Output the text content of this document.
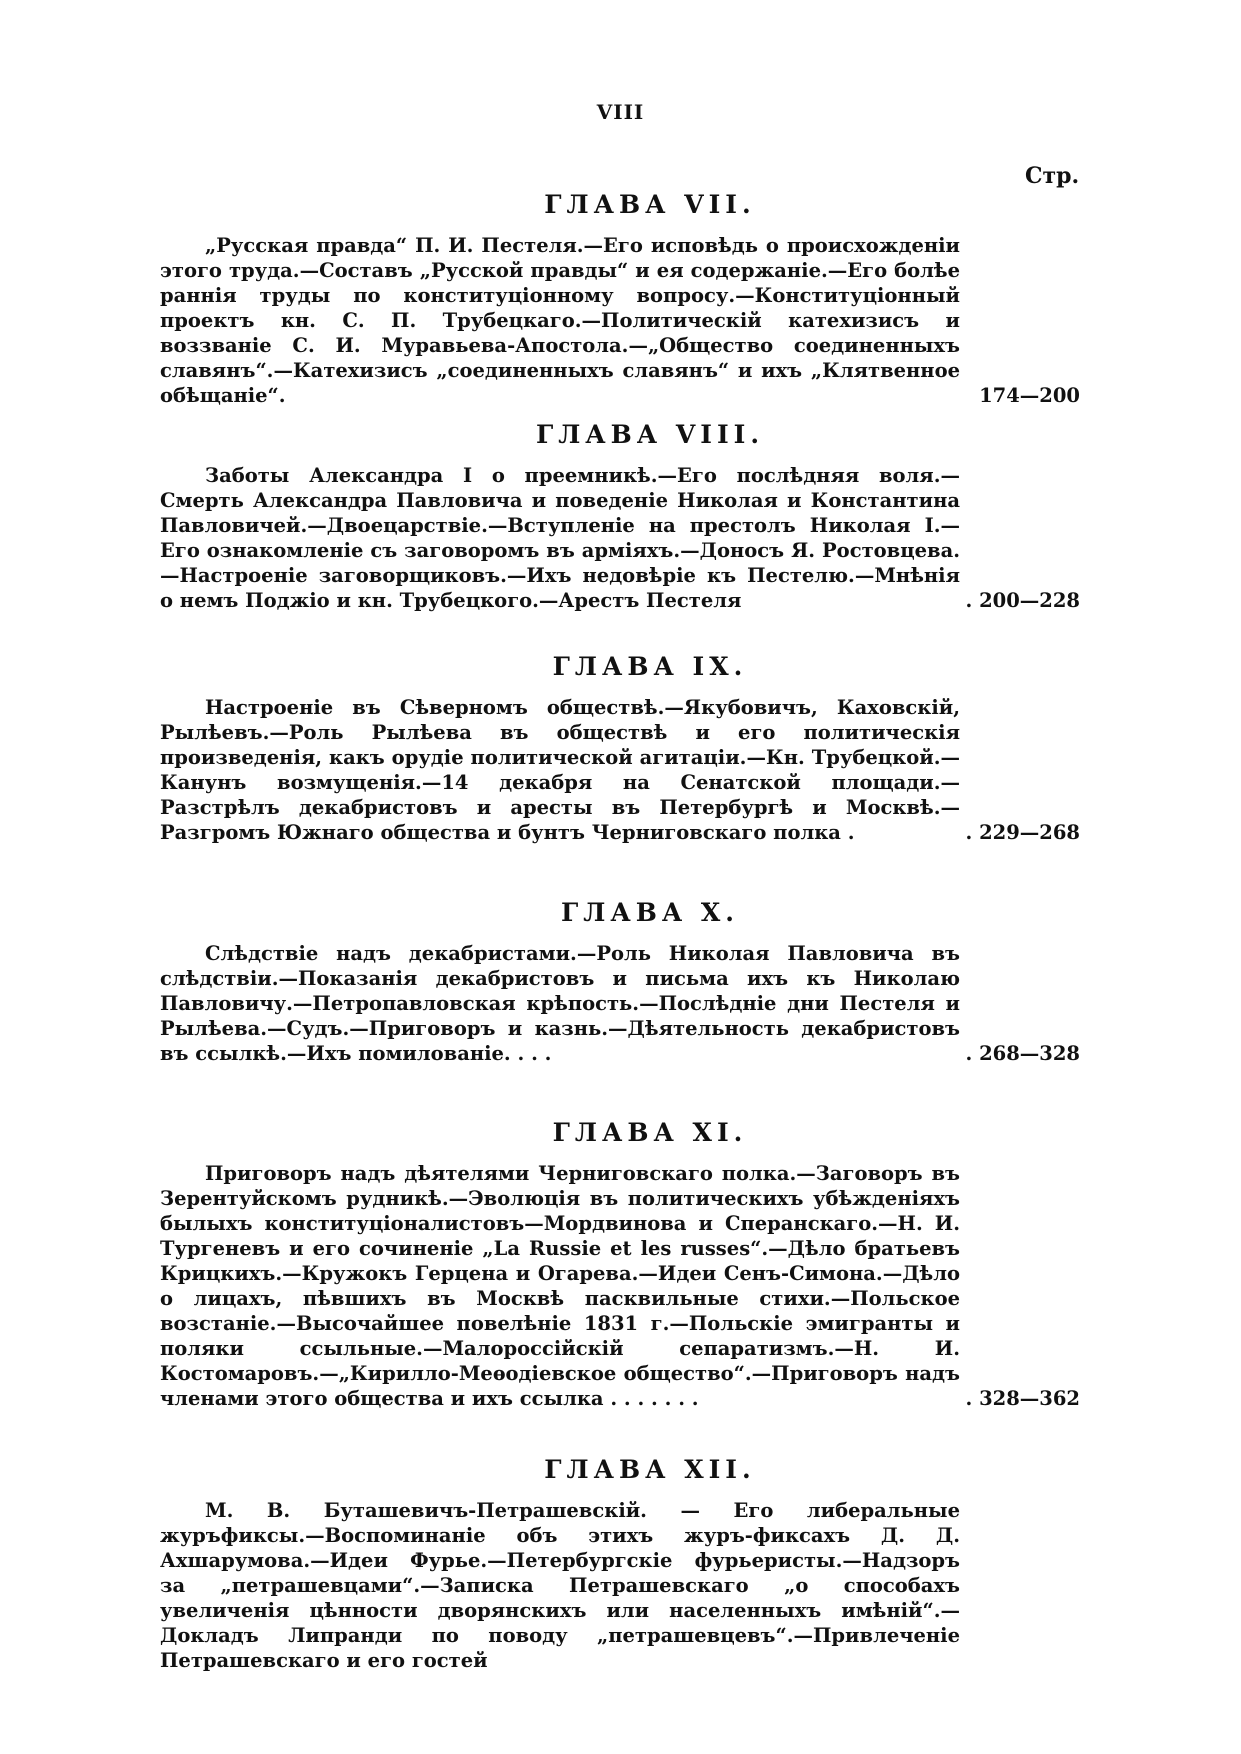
VIII
Стр.
ГЛАВА VII.
„Русская правда“ П. И. Пестеля.—Его исповѣдь о происхожденіи этого труда.—Составъ „Русской правды“ и ея содержаніе.—Его болѣе раннія труды по конституціонному вопросу.—Конституціонный проектъ кн. С. П. Трубецкаго.—Политическій катехизисъ и воззваніе С. И. Муравьева-Апостола.—„Общество соединенныхъ славянъ“.—Катехизисъ „соединенныхъ славянъ“ и ихъ „Клятвенное обѣщаніе“.	174—200
ГЛАВА VIII.
Заботы Александра I о преемникѣ.—Его послѣдняя воля.—Смерть Александра Павловича и поведеніе Николая и Константина Павловичей.—Двоецарствіе.—Вступленіе на престолъ Николая I.—Его ознакомленіе съ заговоромъ въ арміяхъ.—Доносъ Я. Ростовцева.—Настроеніе заговорщиковъ.—Ихъ недовѣріе къ Пестелю.—Мнѣнія о немъ Поджіо и кн. Трубецкого.—Арестъ Пестеля	. 200—228
ГЛАВА IX.
Настроеніе въ Сѣверномъ обществѣ.—Якубовичъ, Каховскій, Рылѣевъ.—Роль Рылѣева въ обществѣ и его политическія произведенія, какъ орудіе политической агитаціи.—Кн. Трубецкой.— Канунъ возмущенія.—14 декабря на Сенатской площади.—Разстрѣлъ декабристовъ и аресты въ Петербургѣ и Москвѣ.—Разгромъ Южнаго общества и бунтъ Черниговскаго полка .	. 229—268
ГЛАВА X.
Слѣдствіе надъ декабристами.—Роль Николая Павловича въ слѣдствіи.—Показанія декабристовъ и письма ихъ къ Николаю Павловичу.—Петропавловская крѣпость.—Послѣдніе дни Пестеля и Рылѣева.—Судъ.—Приговоръ и казнь.—Дѣятельность декабристовъ въ ссылкѣ.—Ихъ помилованіе. . . .	. 268—328
ГЛАВА XI.
Приговоръ надъ дѣятелями Черниговскаго полка.—Заговоръ въ Зерентуйскомъ рудникѣ.—Эволюція въ политическихъ убѣжденіяхъ былыхъ конституціоналистовъ—Мордвинова и Сперанскаго.—Н. И. Тургеневъ и его сочиненіе „La Russie et les russes“.—Дѣло братьевъ Крицкихъ.—Кружокъ Герцена и Огарева.—Идеи Сенъ-Симона.—Дѣло о лицахъ, пѣвшихъ въ Москвѣ пасквильные стихи.—Польское возстаніе.—Высочайшее повелѣніе 1831 г.—Польскіе эмигранты и поляки ссыльные.—Малороссійскій сепаратизмъ.—Н. И. Костомаровъ.—„Кирилло-Меѳодіевское общество“.—Приговоръ надъ членами этого общества и ихъ ссылка . . . . . . .	. 328—362
ГЛАВА XII.
М. В. Буташевичъ-Петрашевскій. — Его либеральные журъфиксы.—Воспоминаніе объ этихъ журъ-фиксахъ Д. Д. Ахшарумова.—Идеи Фурье.—Петербургскіе фурьеристы.—Надзоръ за „петрашевцами“.—Записка Петрашевскаго „о способахъ увеличенія цѣнности дворянскихъ или населенныхъ имѣній“.—Докладъ Липранди по поводу „петрашевцевъ“.—Привлеченіе Петрашевскаго и его гостей
